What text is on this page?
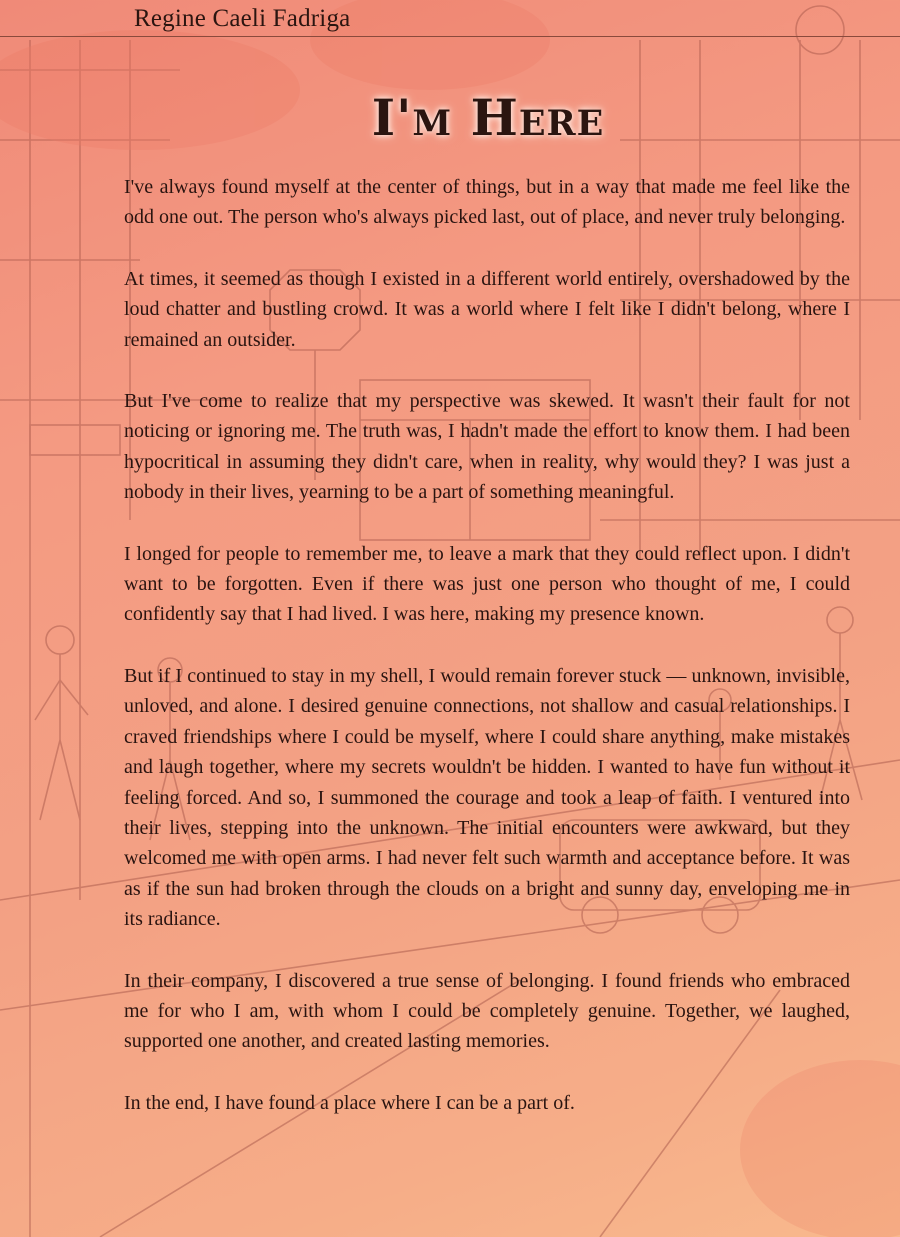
Regine Caeli Fadriga
I'm Here

I've always found myself at the center of things, but in a way that made me feel like the odd one out. The person who's always picked last, out of place, and never truly belonging.

At times, it seemed as though I existed in a different world entirely, overshadowed by the loud chatter and bustling crowd. It was a world where I felt like I didn't belong, where I remained an outsider.

But I've come to realize that my perspective was skewed. It wasn't their fault for not noticing or ignoring me. The truth was, I hadn't made the effort to know them. I had been hypocritical in assuming they didn't care, when in reality, why would they? I was just a nobody in their lives, yearning to be a part of something meaningful.

I longed for people to remember me, to leave a mark that they could reflect upon. I didn't want to be forgotten. Even if there was just one person who thought of me, I could confidently say that I had lived. I was here, making my presence known.

But if I continued to stay in my shell, I would remain forever stuck — unknown, invisible, unloved, and alone. I desired genuine connections, not shallow and casual relationships. I craved friendships where I could be myself, where I could share anything, make mistakes and laugh together, where my secrets wouldn't be hidden. I wanted to have fun without it feeling forced. And so, I summoned the courage and took a leap of faith. I ventured into their lives, stepping into the unknown. The initial encounters were awkward, but they welcomed me with open arms. I had never felt such warmth and acceptance before. It was as if the sun had broken through the clouds on a bright and sunny day, enveloping me in its radiance.

In their company, I discovered a true sense of belonging. I found friends who embraced me for who I am, with whom I could be completely genuine. Together, we laughed, supported one another, and created lasting memories.

In the end, I have found a place where I can be a part of.
